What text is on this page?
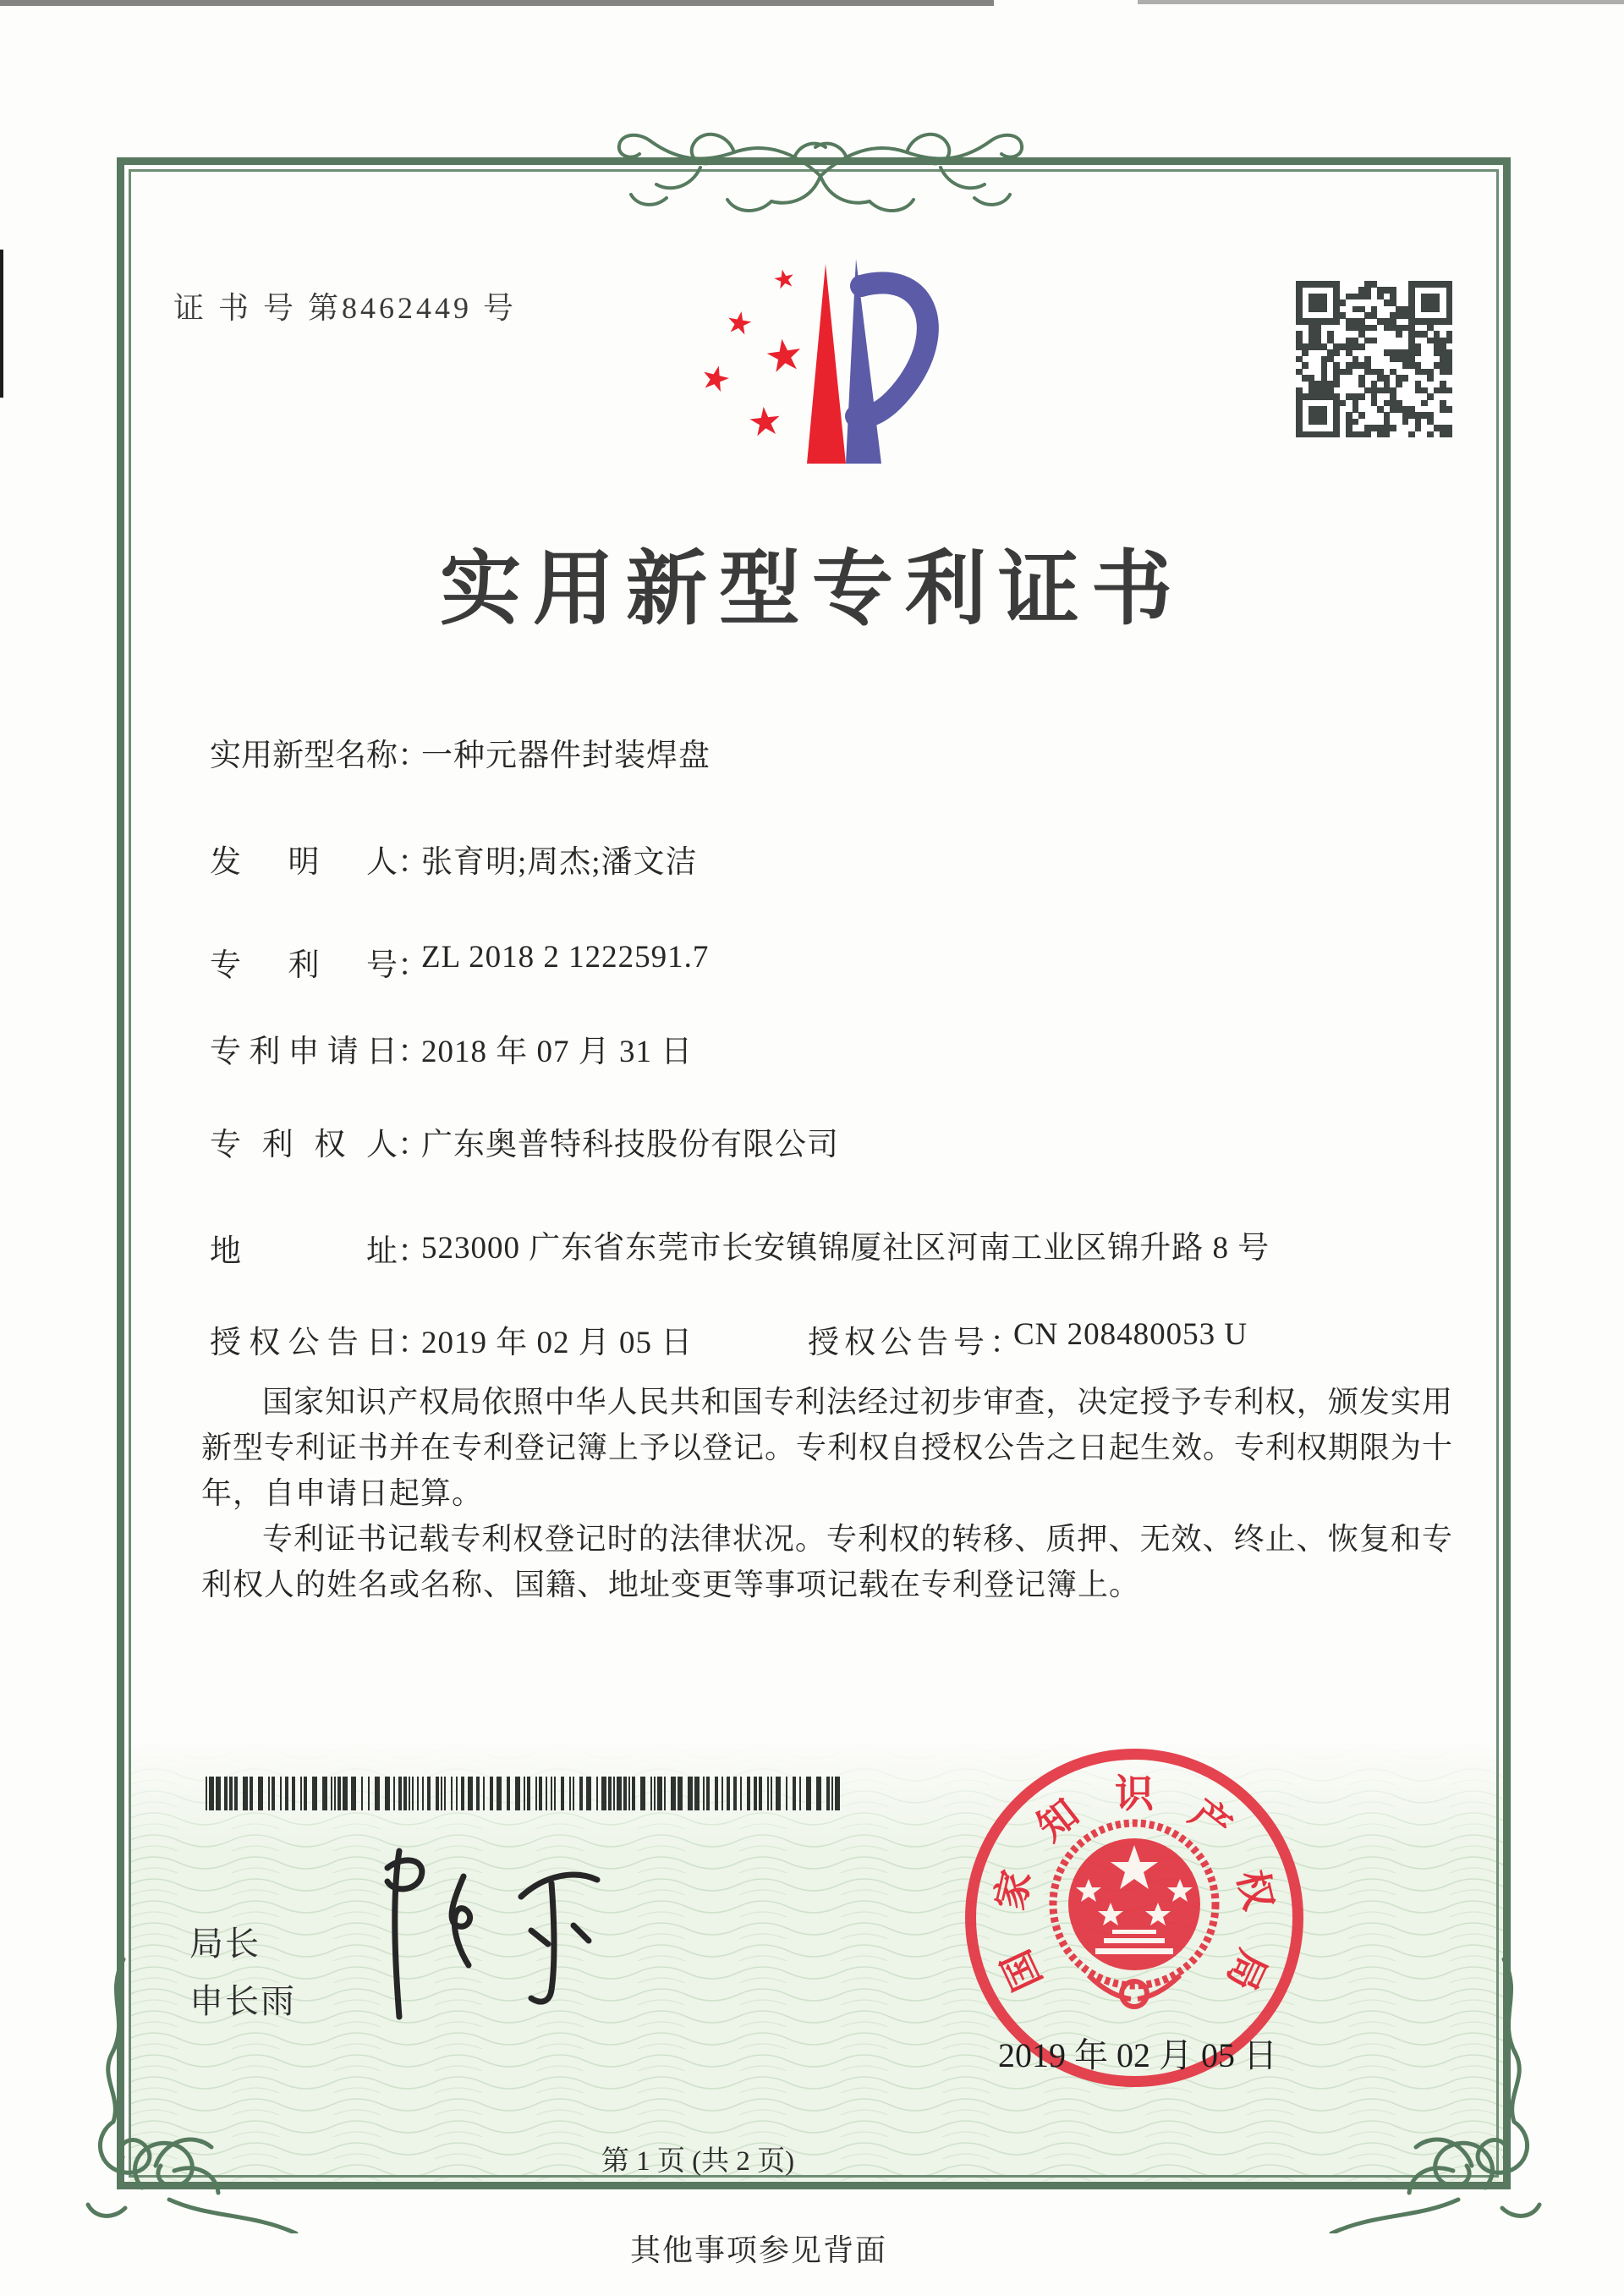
证 书 号 第8462449 号
★
★
★
★
★
实用新型专利证书
实用新型名称：一种元器件封装焊盘
发明人：张育明;周杰;潘文洁
专利号：ZL 2018 2 1222591.7
专利申请日：2018 年 07 月 31 日
专利权人：广东奥普特科技股份有限公司
地址：523000 广东省东莞市长安镇锦厦社区河南工业区锦升路 8 号
授权公告日：2019 年 02 月 05 日	授权公告号：CN 208480053 U

国家知识产权局依照中华人民共和国专利法经过初步审查，决定授予专利权，颁发实用新型专利证书并在专利登记簿上予以登记。专利权自授权公告之日起生效。专利权期限为十年，自申请日起算。

专利证书记载专利权登记时的法律状况。专利权的转移、质押、无效、终止、恢复和专利权人的姓名或名称、国籍、地址变更等事项记载在专利登记簿上。

局长
申长雨
国
家
知 识 产
权
局
2019 年 02 月 05 日
第 1 页 (共 2 页)
其他事项参见背面
